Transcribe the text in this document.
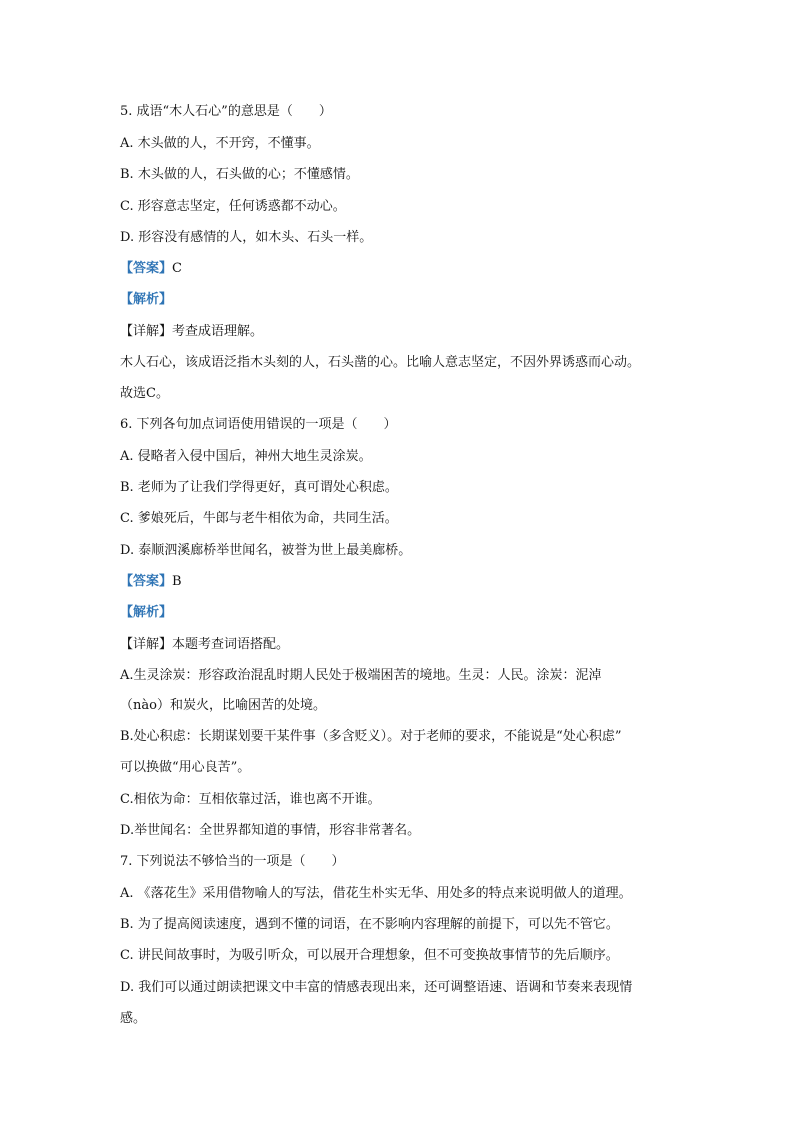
5. 成语“木人石心”的意思是（　　）
A. 木头做的人，不开窍，不懂事。
B. 木头做的人，石头做的心；不懂感情。
C. 形容意志坚定，任何诱惑都不动心。
D. 形容没有感情的人，如木头、石头一样。
【答案】C
【解析】
【详解】考查成语理解。
木人石心，该成语泛指木头刻的人，石头凿的心。比喻人意志坚定，不因外界诱惑而心动。
故选C。
6. 下列各句加点词语使用错误的一项是（　　）
A. 侵略者入侵中国后，神州大地生灵涂炭。
B. 老师为了让我们学得更好，真可谓处心积虑。
C. 爹娘死后，牛郎与老牛相依为命，共同生活。
D. 泰顺泗溪廊桥举世闻名，被誉为世上最美廊桥。
【答案】B
【解析】
【详解】本题考查词语搭配。
A.生灵涂炭：形容政治混乱时期人民处于极端困苦的境地。生灵：人民。涂炭：泥淖
（nào）和炭火，比喻困苦的处境。
B.处心积虑：长期谋划要干某件事（多含贬义）。对于老师的要求，不能说是“处心积虑”
可以换做“用心良苦”。
C.相依为命：互相依靠过活，谁也离不开谁。
D.举世闻名：全世界都知道的事情，形容非常著名。
7. 下列说法不够恰当的一项是（　　）
A. 《落花生》采用借物喻人的写法，借花生朴实无华、用处多的特点来说明做人的道理。
B. 为了提高阅读速度，遇到不懂的词语，在不影响内容理解的前提下，可以先不管它。
C. 讲民间故事时，为吸引听众，可以展开合理想象，但不可变换故事情节的先后顺序。
D. 我们可以通过朗读把课文中丰富的情感表现出来，还可调整语速、语调和节奏来表现情
感。
